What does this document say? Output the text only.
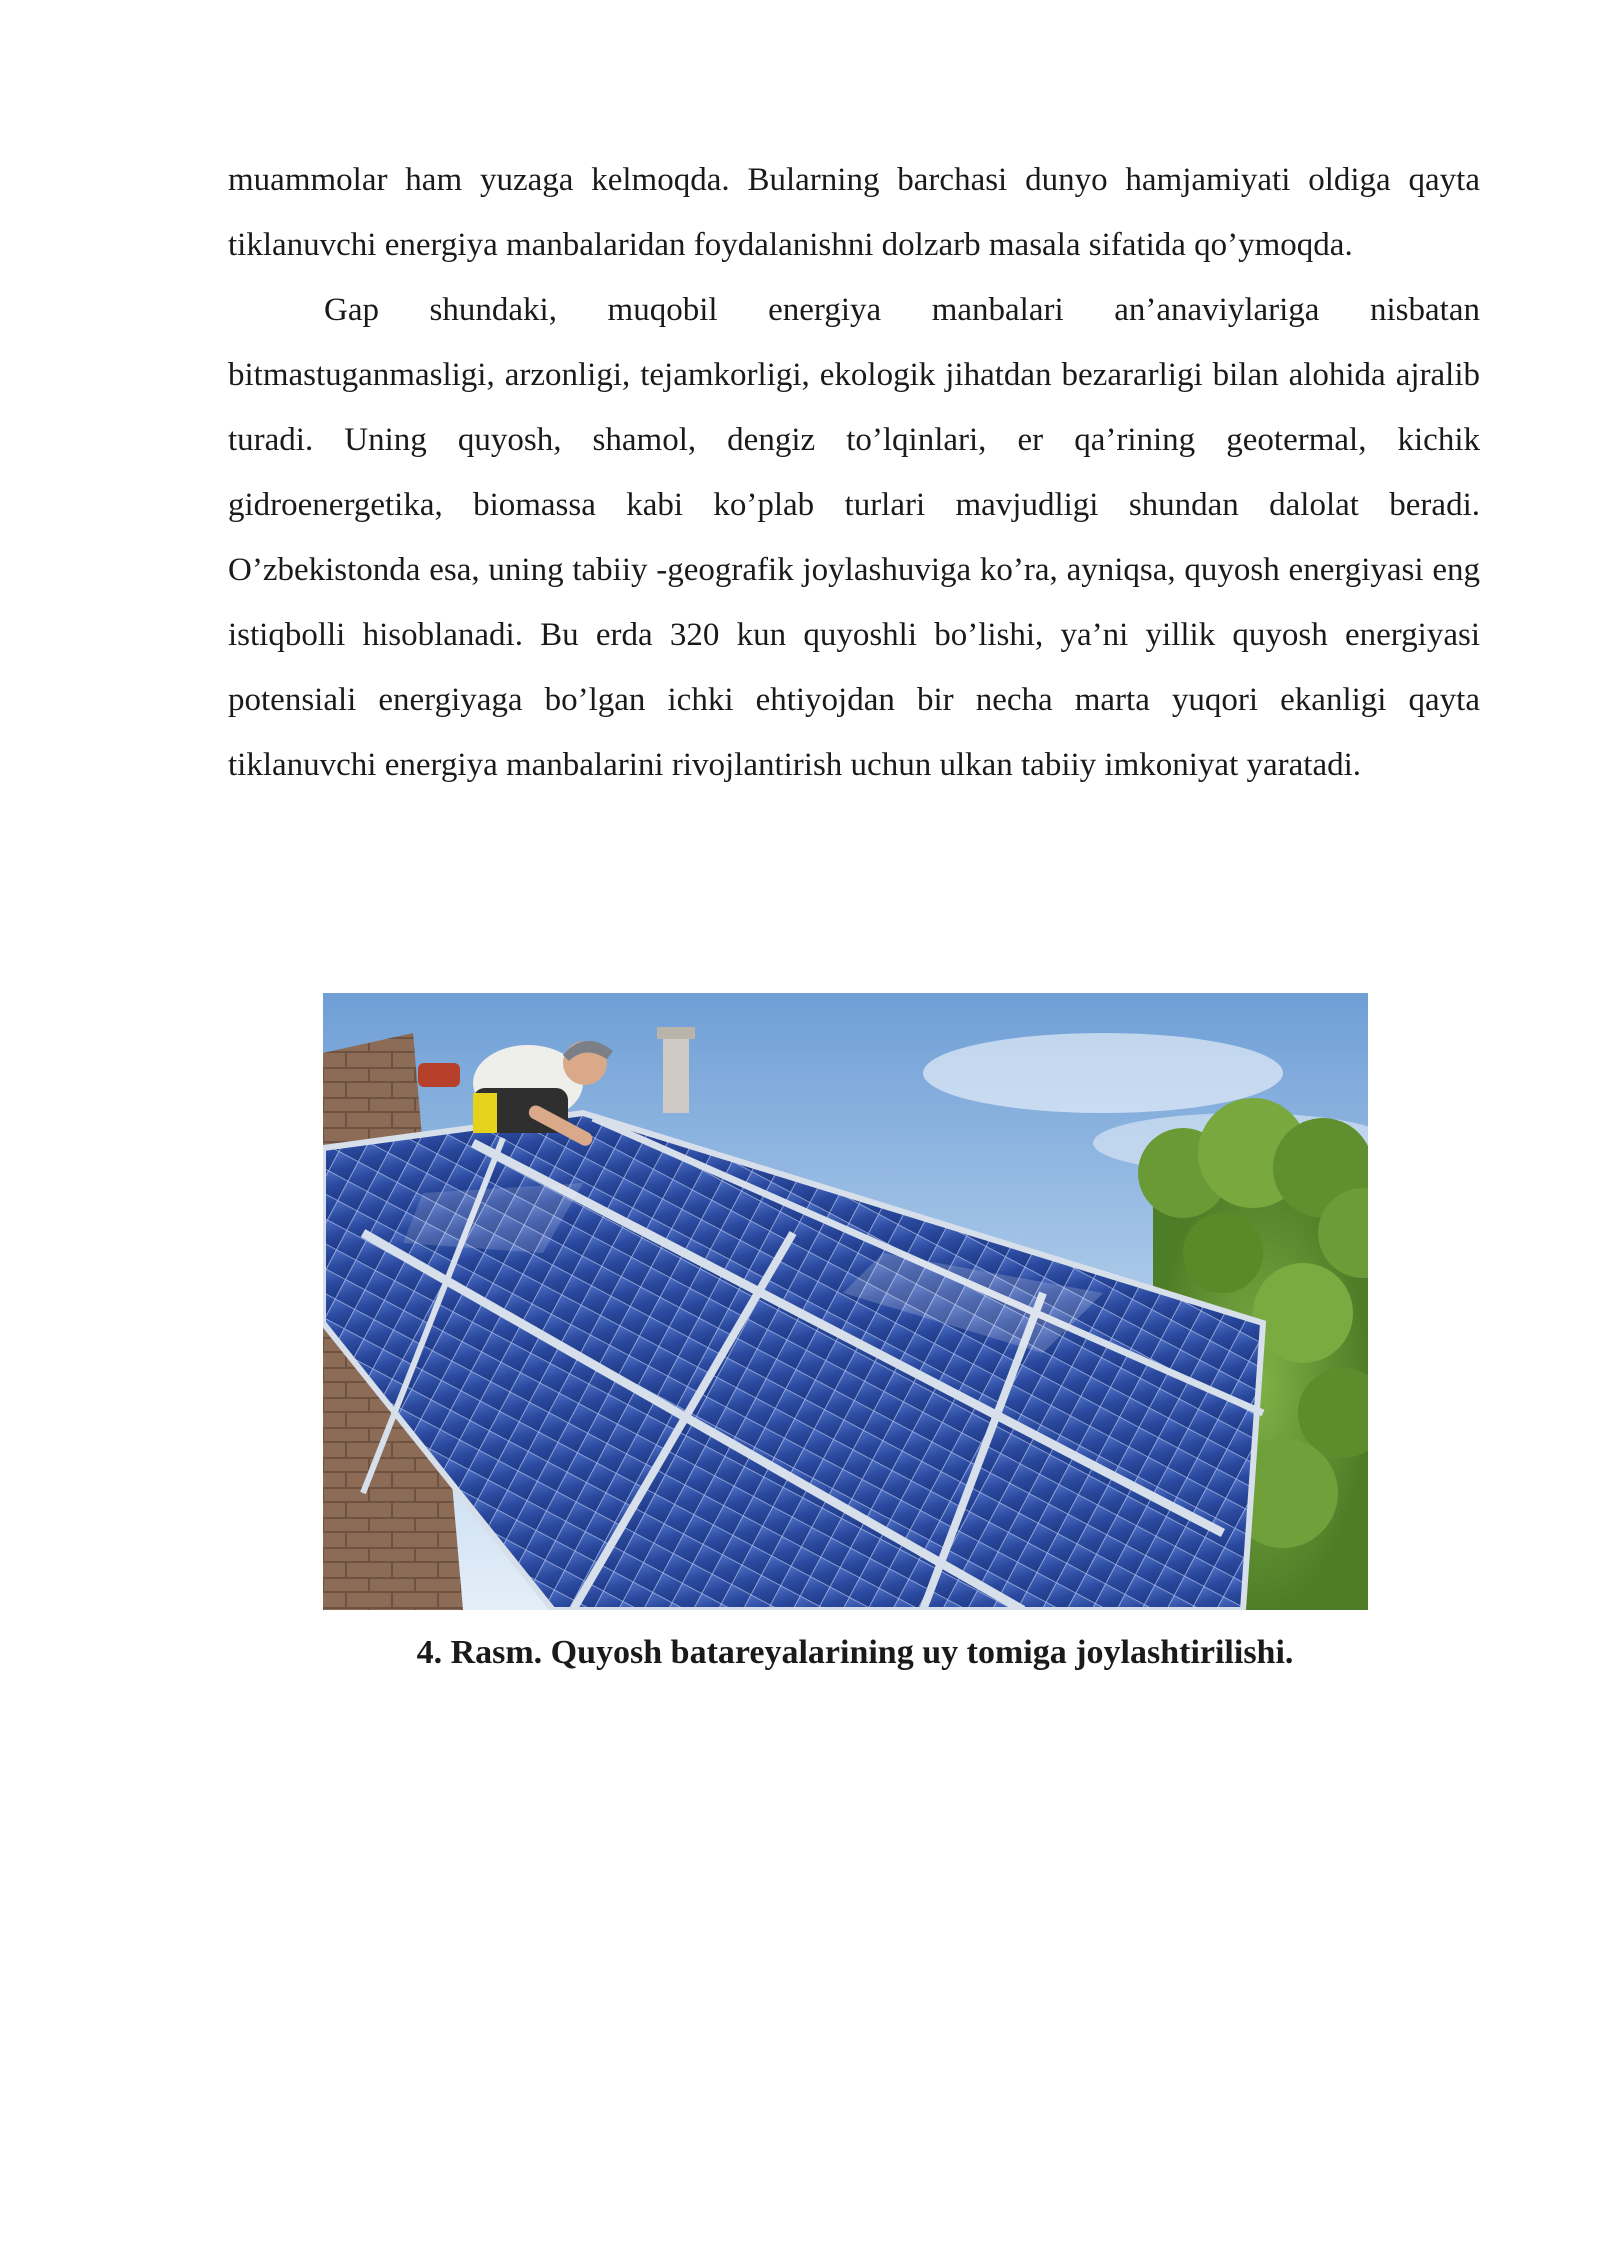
muammolar ham yuzaga kelmoqda. Bularning barchasi dunyo hamjamiyati oldiga qayta tiklanuvchi energiya manbalaridan foydalanishni dolzarb masala sifatida qo’ymoqda.

Gap shundaki, muqobil energiya manbalari an’anaviylariga nisbatan bitmastuganmasligi, arzonligi, tejamkorligi, ekologik jihatdan bezararligi bilan alohida ajralib turadi. Uning quyosh, shamol, dengiz to’lqinlari, er qa’rining geotermal, kichik gidroenergetika, biomassa kabi ko’plab turlari mavjudligi shundan dalolat beradi. O’zbekistonda esa, uning tabiiy -geografik joylashuviga ko’ra, ayniqsa, quyosh energiyasi eng istiqbolli hisoblanadi. Bu erda 320 kun quyoshli bo’lishi, ya’ni yillik quyosh energiyasi potensiali energiyaga bo’lgan ichki ehtiyojdan bir necha marta yuqori ekanligi qayta tiklanuvchi energiya manbalarini rivojlantirish uchun ulkan tabiiy imkoniyat yaratadi.

4. Rasm. Quyosh batareyalarining uy tomiga joylashtirilishi.
